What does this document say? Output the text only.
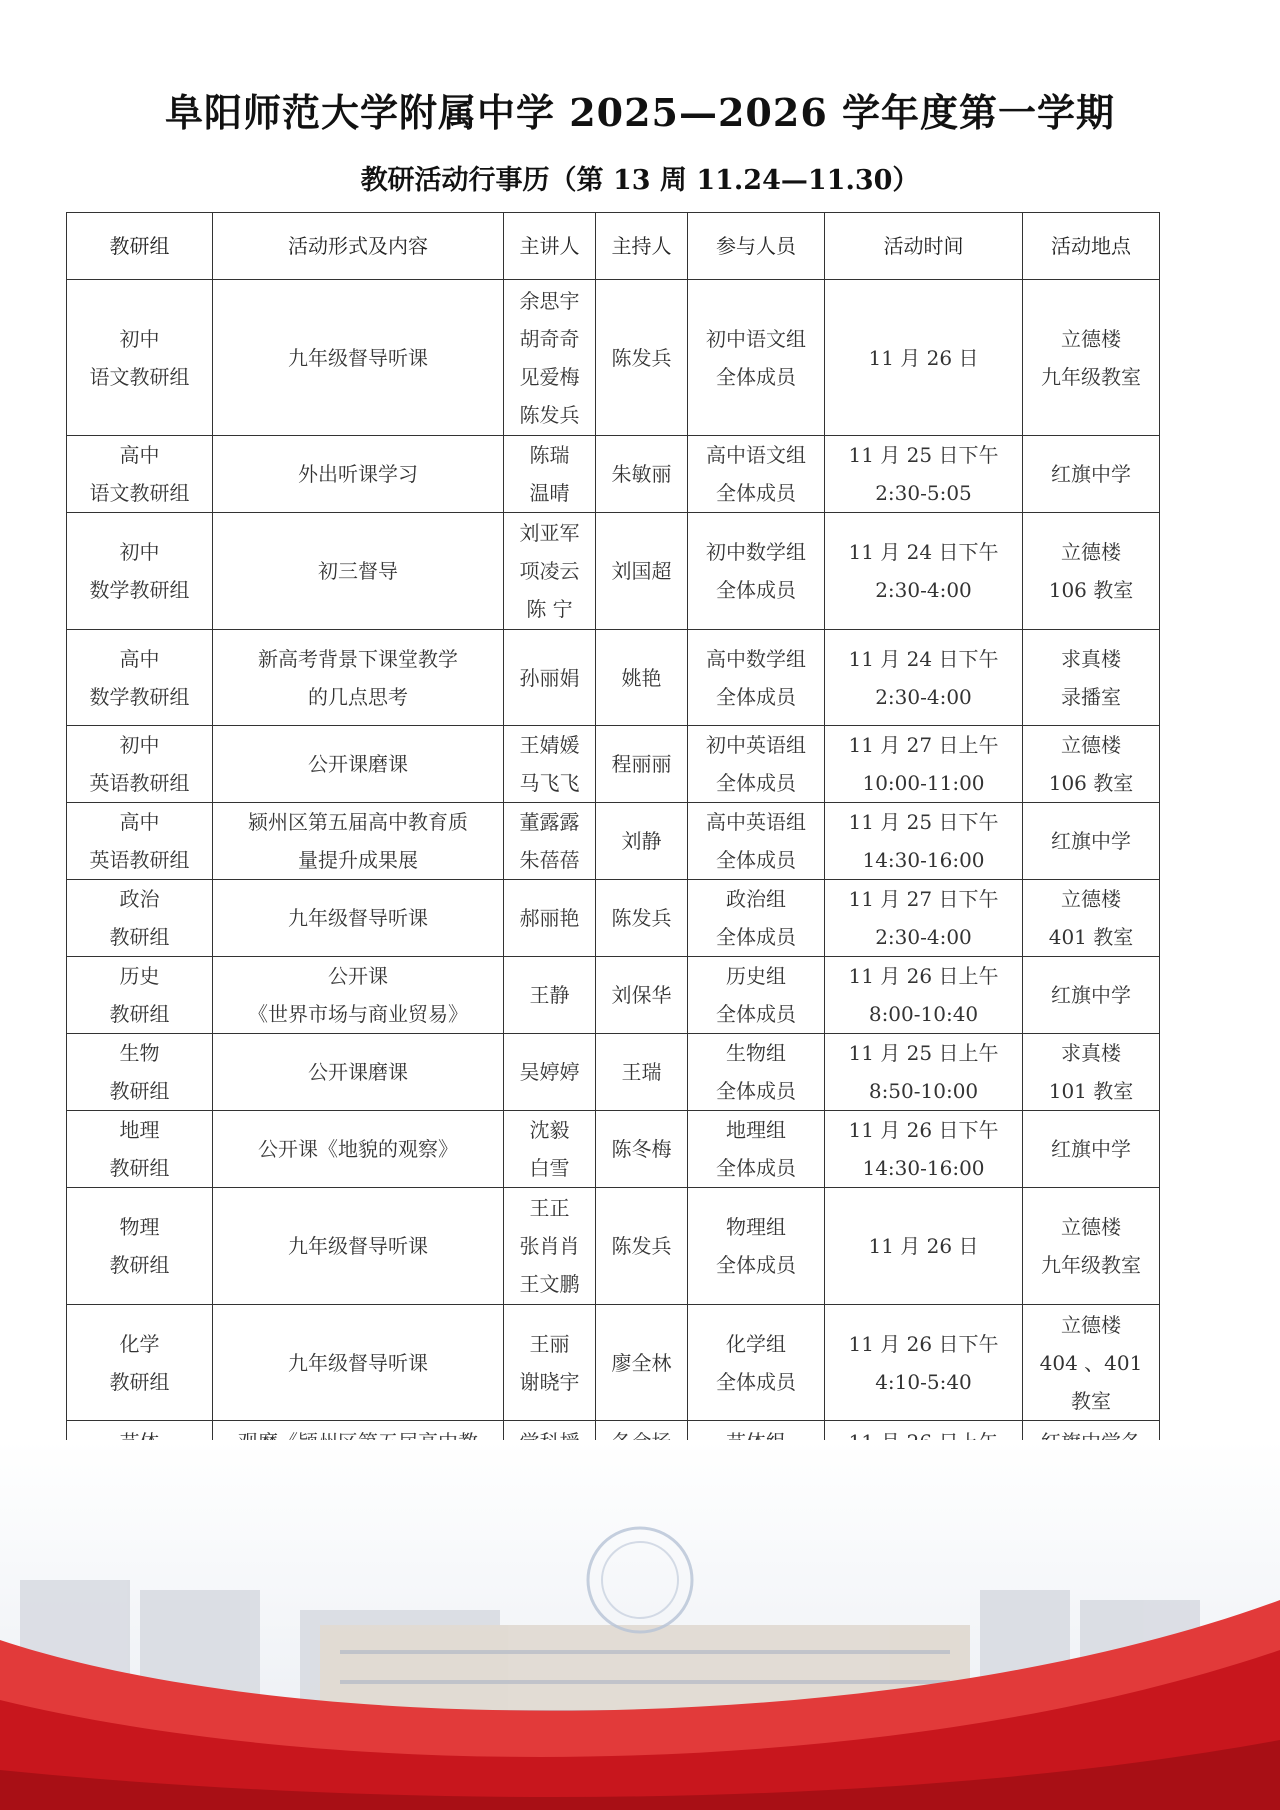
阜阳师范大学附属中学 2025—2026 学年度第一学期
教研活动行事历（第 13 周 11.24—11.30）
教研组	活动形式及内容	主讲人	主持人	参与人员	活动时间	活动地点

初中
语文教研组	九年级督导听课	余思宇
胡奇奇
见爱梅
陈发兵	陈发兵	初中语文组
全体成员	11 月 26 日	立德楼
九年级教室

高中
语文教研组	外出听课学习	陈瑞
温晴	朱敏丽	高中语文组
全体成员	11 月 25 日下午
2:30-5:05	红旗中学

初中
数学教研组	初三督导	刘亚军
项凌云
陈 宁	刘国超	初中数学组
全体成员	11 月 24 日下午
2:30-4:00	立德楼
106 教室

高中
数学教研组	新高考背景下课堂教学
的几点思考	孙丽娟	姚艳	高中数学组
全体成员	11 月 24 日下午
2:30-4:00	求真楼
录播室

初中
英语教研组	公开课磨课	王婧媛
马飞飞	程丽丽	初中英语组
全体成员	11 月 27 日上午
10:00-11:00	立德楼
106 教室

高中
英语教研组	颍州区第五届高中教育质
量提升成果展	董露露
朱蓓蓓	刘静	高中英语组
全体成员	11 月 25 日下午
14:30-16:00	红旗中学

政治
教研组	九年级督导听课	郝丽艳	陈发兵	政治组
全体成员	11 月 27 日下午
2:30-4:00	立德楼
401 教室

历史
教研组	公开课
《世界市场与商业贸易》	王静	刘保华	历史组
全体成员	11 月 26 日上午
8:00-10:40	红旗中学

生物
教研组	公开课磨课	吴婷婷	王瑞	生物组
全体成员	11 月 25 日上午
8:50-10:00	求真楼
101 教室

地理
教研组	公开课《地貌的观察》	沈毅
白雪	陈冬梅	地理组
全体成员	11 月 26 日下午
14:30-16:00	红旗中学

物理
教研组	九年级督导听课	王正
张肖肖
王文鹏	陈发兵	物理组
全体成员	11 月 26 日	立德楼
九年级教室

化学
教研组	九年级督导听课	王丽
谢晓宇	廖全林	化学组
全体成员	11 月 26 日下午
4:10-5:40	立德楼
404 、401
教室
